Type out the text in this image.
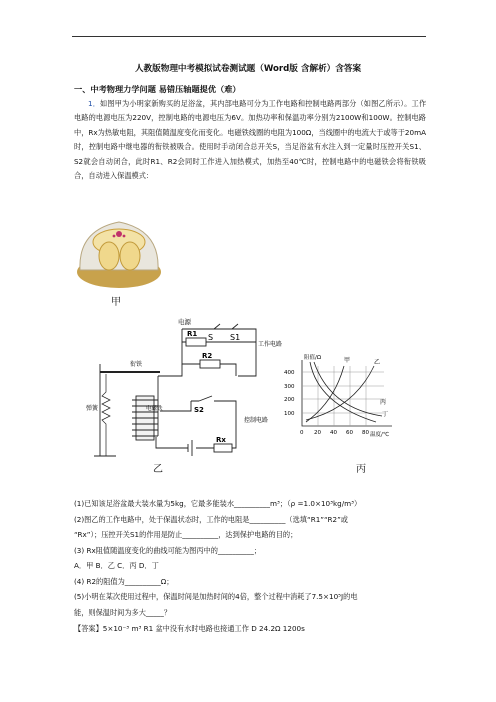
人教版物理中考模拟试卷测试题（Word版 含解析）含答案
一、中考物理力学问题 易错压轴题提优（难）
1．如图甲为小明家新购买的足浴盆，其内部电路可分为工作电路和控制电路两部分（如图乙所示）。工作电路的电源电压为220V，控制电路的电源电压为6V。加热功率和保温功率分别为2100W和100W。控制电路中，Rx为热敏电阻，其阻值随温度变化而变化。电磁铁线圈的电阻为100Ω，当线圈中的电流大于或等于20mA时，控制电路中继电器的衔铁被吸合。使用时手动闭合总开关S，当足浴盆有水注入到一定量时压控开关S1、S2就会自动闭合，此时R1、R2会同时工作进入加热模式，加热至40℃时，控制电路中的电磁铁会将衔铁吸合，自动进入保温模式：
甲
电源
S S1
R1
R2
工作电路
衔铁
弹簧	电磁铁	S2
控制电路
Rx
乙
阻值/Ω
温度/℃
400
300
200
100
0 20 40 60 80
甲	乙
丙
丁
丙
(1)已知该足浴盆最大装水量为5kg，它最多能装水__________m³；（ρ =1.0×10³kg/m³）
(2)图乙的工作电路中，处于保温状态时，工作的电阻是__________（选填“R1”“R2”或
“Rx”）；压控开关S1的作用是防止__________，达到保护电路的目的；
(3) Rx阻值随温度变化的曲线可能为图丙中的__________；
A．甲 B．乙 C．丙 D．丁
(4) R2的阻值为__________Ω；
(5)小明在某次使用过程中，保温时间是加热时间的4倍，整个过程中消耗了7.5×10⁵J的电
能，则保温时间为多大_____？
【答案】5×10⁻³ m³ R1 盆中没有水时电路也接通工作 D 24.2Ω 1200s
